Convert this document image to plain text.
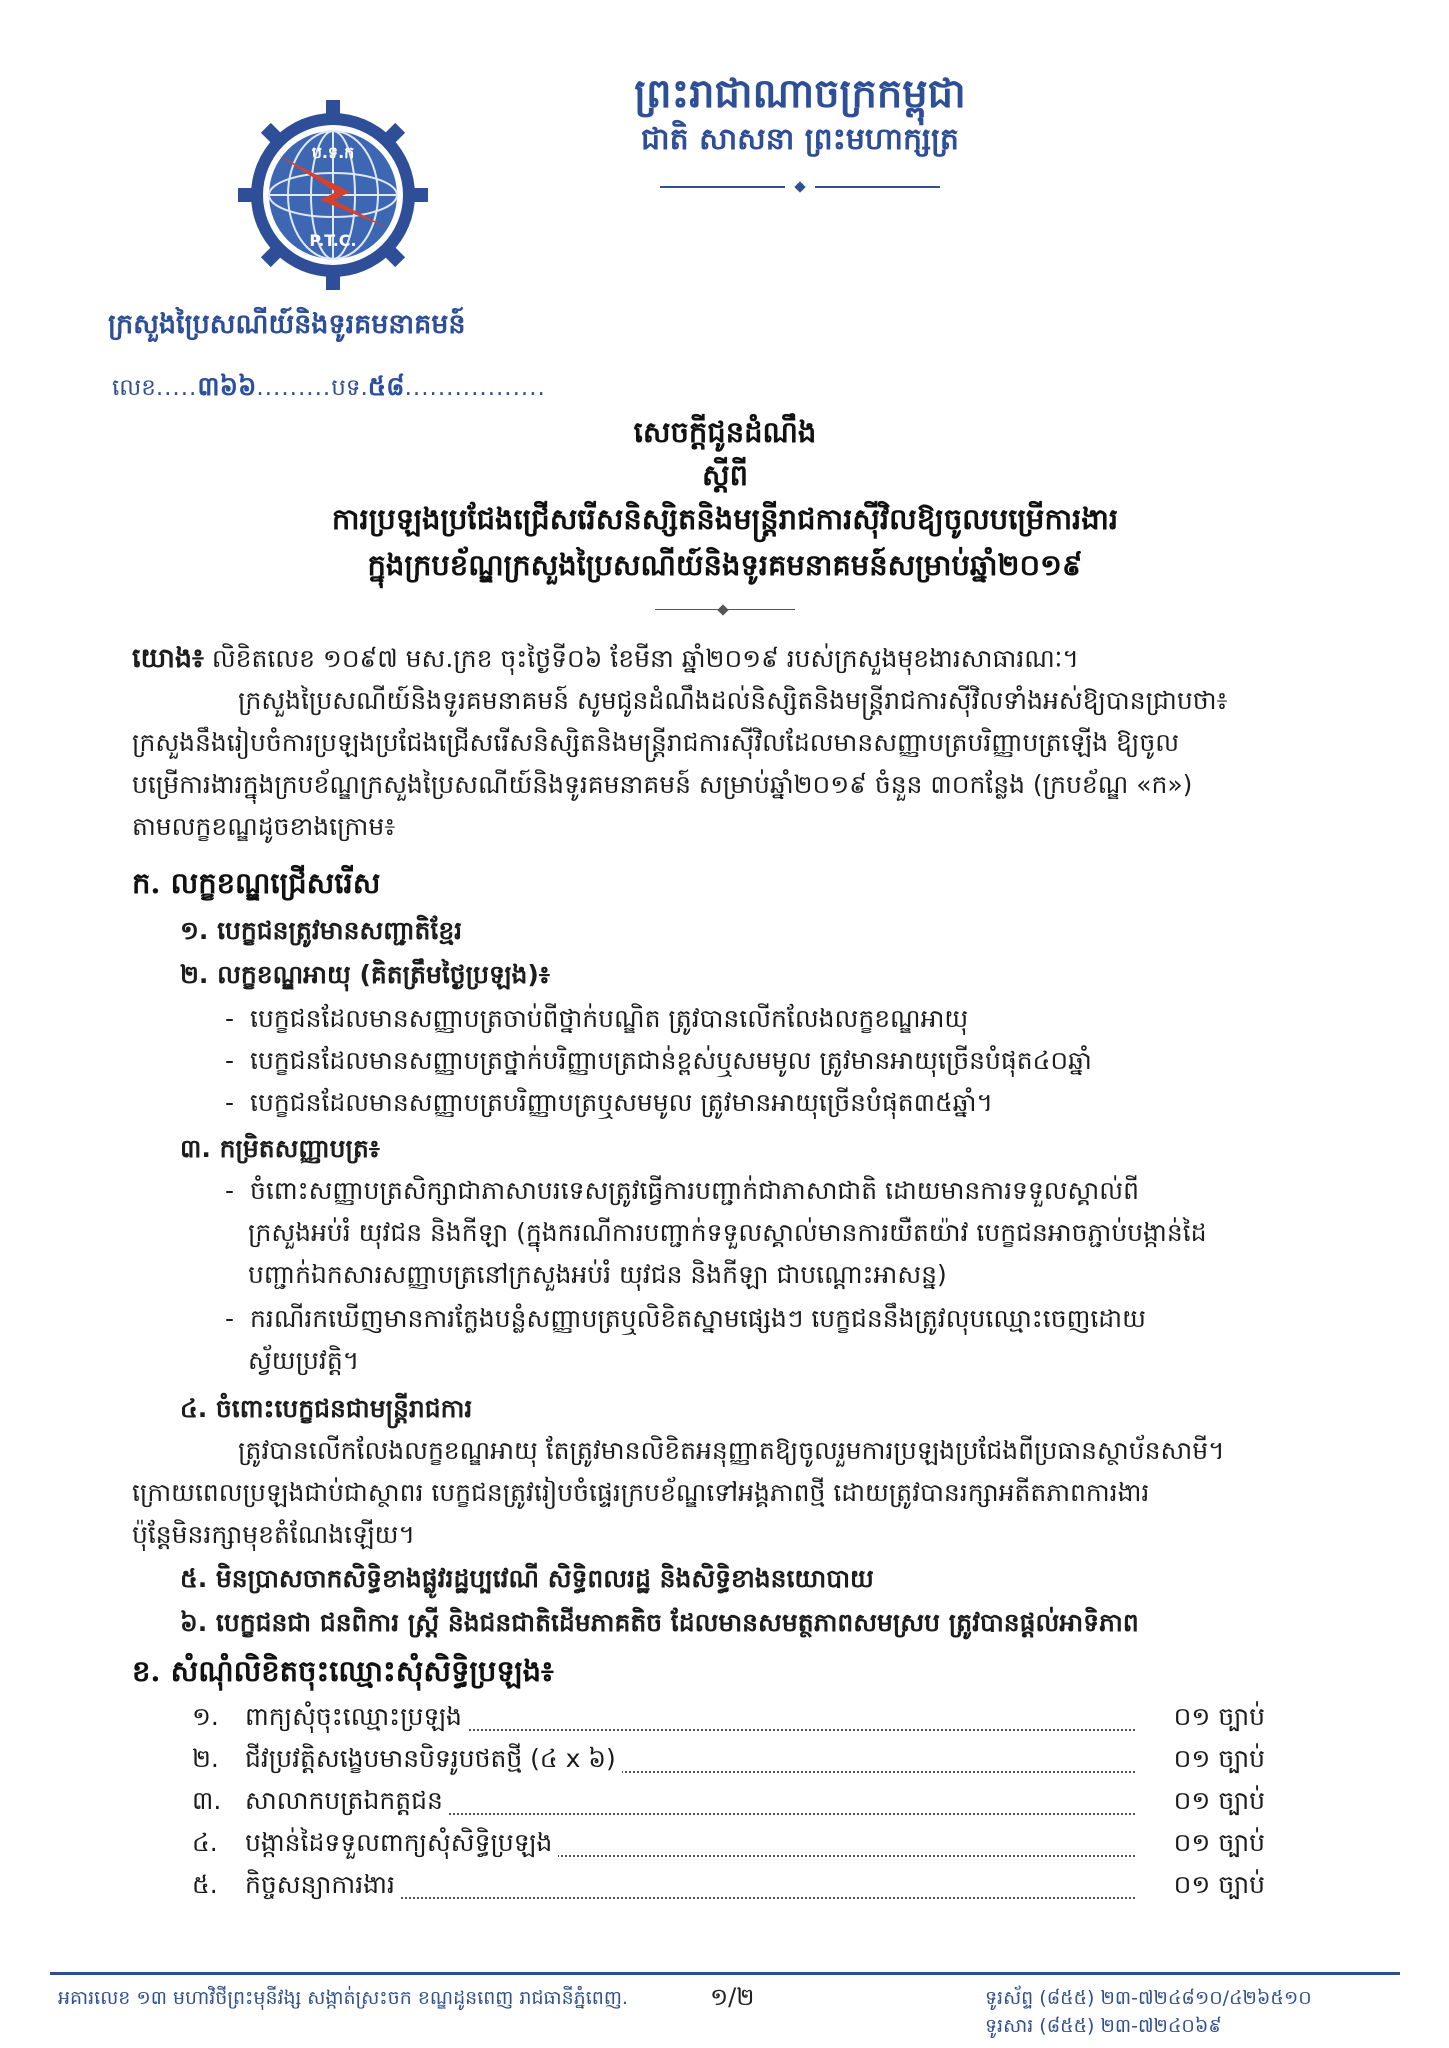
ព្រះរាជាណាចក្រកម្ពុជា
ជាតិ សាសនា ព្រះមហាក្សត្រ
ប.ទ.ក
P.T.C.
ក្រសួងប្រៃសណីយ៍និងទូរគមនាគមន៍
លេខ.....៣៦៦.........បទ.៥៨.................
សេចក្តីជូនដំណឹង
ស្តីពី
ការប្រឡងប្រជែងជ្រើសរើសនិស្សិតនិងមន្ត្រីរាជការស៊ីវិលឱ្យចូលបម្រើការងារ
ក្នុងក្របខ័ណ្ឌក្រសួងប្រៃសណីយ៍និងទូរគមនាគមន៍សម្រាប់ឆ្នាំ២០១៩
យោង៖ លិខិតលេខ ១០៩៧ មស.ក្រខ ចុះថ្ងៃទី០៦ ខែមីនា ឆ្នាំ២០១៩ របស់ក្រសួងមុខងារសាធារណៈ។
ក្រសួងប្រៃសណីយ៍និងទូរគមនាគមន៍ សូមជូនដំណឹងដល់និស្សិតនិងមន្ត្រីរាជការស៊ីវិលទាំងអស់ឱ្យបានជ្រាបថា៖
ក្រសួងនឹងរៀបចំការប្រឡងប្រជែងជ្រើសរើសនិស្សិតនិងមន្ត្រីរាជការស៊ីវិលដែលមានសញ្ញាបត្របរិញ្ញាបត្រឡើង ឱ្យចូល
បម្រើការងារក្នុងក្របខ័ណ្ឌក្រសួងប្រៃសណីយ៍និងទូរគមនាគមន៍ សម្រាប់ឆ្នាំ២០១៩ ចំនួន ៣០កន្លែង (ក្របខ័ណ្ឌ «ក»)
តាមលក្ខខណ្ឌដូចខាងក្រោម៖
ក. លក្ខខណ្ឌជ្រើសរើស
១. បេក្ខជនត្រូវមានសញ្ជាតិខ្មែរ
២. លក្ខខណ្ឌអាយុ (គិតត្រឹមថ្ងៃប្រឡង)៖
- បេក្ខជនដែលមានសញ្ញាបត្រចាប់ពីថ្នាក់បណ្ឌិត ត្រូវបានលើកលែងលក្ខខណ្ឌអាយុ
- បេក្ខជនដែលមានសញ្ញាបត្រថ្នាក់បរិញ្ញាបត្រជាន់ខ្ពស់ឬសមមូល ត្រូវមានអាយុច្រើនបំផុត៤០ឆ្នាំ
- បេក្ខជនដែលមានសញ្ញាបត្របរិញ្ញាបត្រឬសមមូល ត្រូវមានអាយុច្រើនបំផុត៣៥ឆ្នាំ។
៣. កម្រិតសញ្ញាបត្រ៖
- ចំពោះសញ្ញាបត្រសិក្សាជាភាសាបរទេសត្រូវធ្វើការបញ្ជាក់ជាភាសាជាតិ ដោយមានការទទួលស្គាល់ពី
ក្រសួងអប់រំ យុវជន និងកីឡា (ក្នុងករណីការបញ្ជាក់ទទួលស្គាល់មានការយឺតយ៉ាវ បេក្ខជនអាចភ្ជាប់បង្កាន់ដៃ
បញ្ជាក់ឯកសារសញ្ញាបត្រនៅក្រសួងអប់រំ យុវជន និងកីឡា ជាបណ្តោះអាសន្ន)
- ករណីរកឃើញមានការក្លែងបន្លំសញ្ញាបត្រឬលិខិតស្នាមផ្សេងៗ បេក្ខជននឹងត្រូវលុបឈ្មោះចេញដោយ
ស្វ័យប្រវត្តិ។
៤. ចំពោះបេក្ខជនជាមន្ត្រីរាជការ
ត្រូវបានលើកលែងលក្ខខណ្ឌអាយុ តែត្រូវមានលិខិតអនុញ្ញាតឱ្យចូលរួមការប្រឡងប្រជែងពីប្រធានស្ថាប័នសាមី។
ក្រោយពេលប្រឡងជាប់ជាស្ថាពរ បេក្ខជនត្រូវរៀបចំផ្ទេរក្របខ័ណ្ឌទៅអង្គភាពថ្មី ដោយត្រូវបានរក្សាអតីតភាពការងារ
ប៉ុន្តែមិនរក្សាមុខតំណែងឡើយ។
៥. មិនប្រាសចាកសិទ្ធិខាងផ្លូវរដ្ឋប្បវេណី សិទ្ធិពលរដ្ឋ និងសិទ្ធិខាងនយោបាយ
៦. បេក្ខជនជា ជនពិការ ស្ត្រី និងជនជាតិដើមភាគតិច ដែលមានសមត្ថភាពសមស្រប ត្រូវបានផ្តល់អាទិភាព
ខ. សំណុំលិខិតចុះឈ្មោះសុំសិទ្ធិប្រឡង៖
១. ពាក្យសុំចុះឈ្មោះប្រឡង	០១ ច្បាប់
២. ជីវប្រវត្តិសង្ខេបមានបិទរូបថតថ្មី (៤ x ៦)	០១ ច្បាប់
៣. សាលាកបត្រឯកត្តជន	០១ ច្បាប់
៤. បង្កាន់ដៃទទួលពាក្យសុំសិទ្ធិប្រឡង	០១ ច្បាប់
៥. កិច្ចសន្យាការងារ	០១ ច្បាប់
អគារលេខ ១៣ មហាវិថីព្រះមុនីវង្ស សង្កាត់ស្រះចក ខណ្ឌដូនពេញ រាជធានីភ្នំពេញ.	១/២	ទូរស័ព្ទ (៨៥៥) ២៣-៧២៤៨១០/៤២៦៥១០
ទូរសារ (៨៥៥) ២៣-៧២៤០៦៩
